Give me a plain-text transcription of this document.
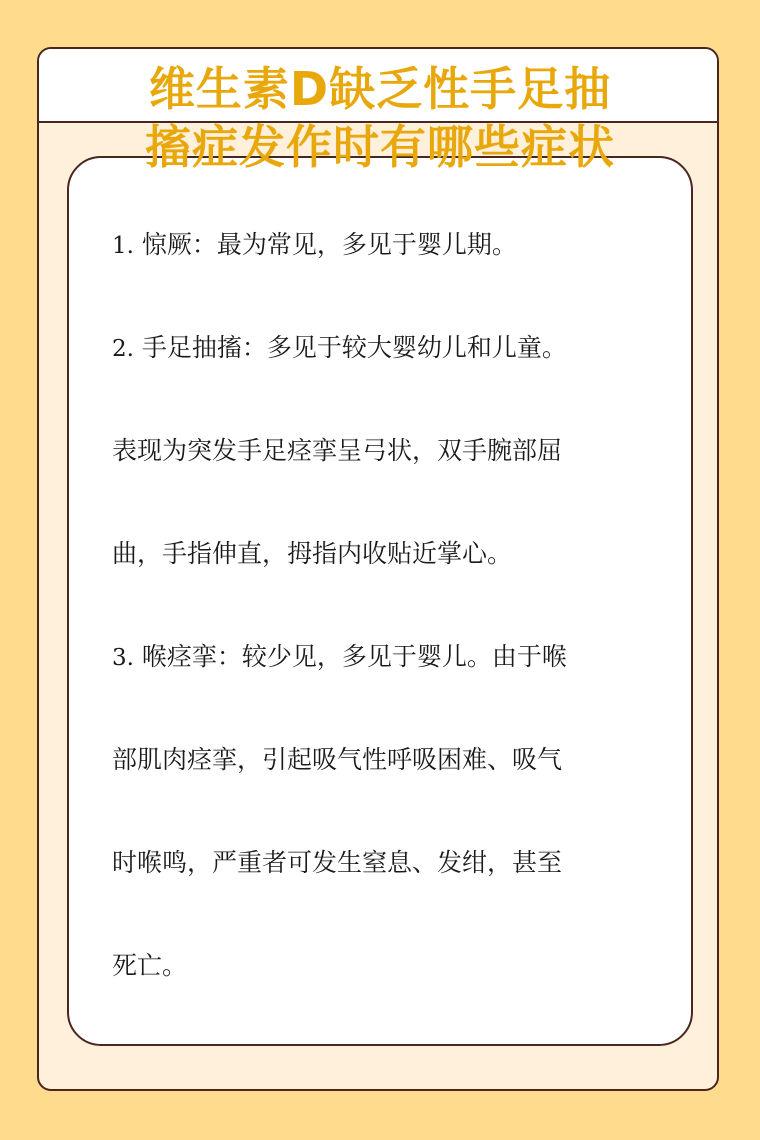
维生素D缺乏性手足抽
搐症发作时有哪些症状
1. 惊厥：最为常见，多见于婴儿期。
2. 手足抽搐：多见于较大婴幼儿和儿童。
表现为突发手足痉挛呈弓状，双手腕部屈
曲，手指伸直，拇指内收贴近掌心。
3. 喉痉挛：较少见，多见于婴儿。由于喉
部肌肉痉挛，引起吸气性呼吸困难、吸气
时喉鸣，严重者可发生窒息、发绀，甚至
死亡。
